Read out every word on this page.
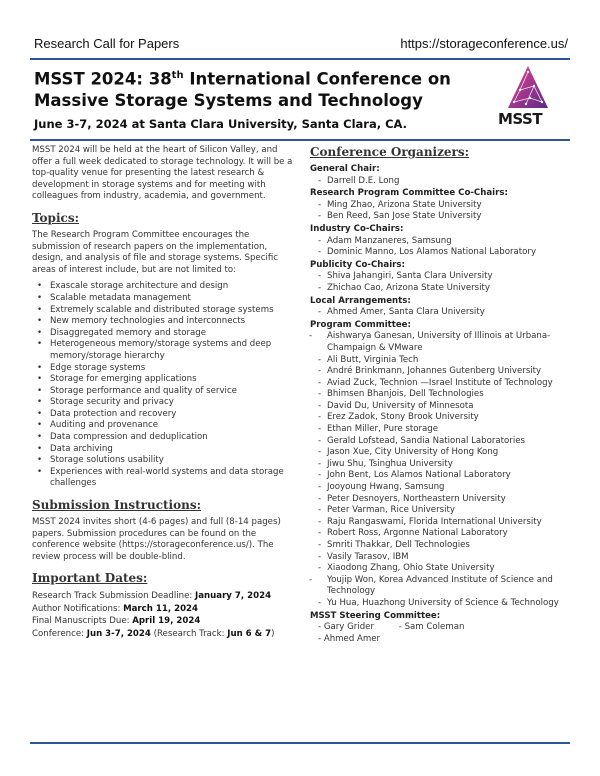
Research Call for Papers	https://storageconference.us/
MSST 2024: 38th International Conference on
Massive Storage Systems and Technology
June 3-7, 2024 at Santa Clara University, Santa Clara, CA.	MSST

MSST 2024 will be held at the heart of Silicon Valley, and offer a full week dedicated to storage technology. It will be a top-quality venue for presenting the latest research & development in storage systems and for meeting with colleagues from industry, academia, and government.

Topics:

The Research Program Committee encourages the submission of research papers on the implementation, design, and analysis of file and storage systems. Specific areas of interest include, but are not limited to:

• Exascale storage architecture and design
• Scalable metadata management
• Extremely scalable and distributed storage systems
• New memory technologies and interconnects
• Disaggregated memory and storage
• Heterogeneous memory/storage systems and deep memory/storage hierarchy
• Edge storage systems
• Storage for emerging applications
• Storage performance and quality of service
• Storage security and privacy
• Data protection and recovery
• Auditing and provenance
• Data compression and deduplication
• Data archiving
• Storage solutions usability
• Experiences with real-world systems and data storage challenges
Submission Instructions:

MSST 2024 invites short (4-6 pages) and full (8-14 pages) papers. Submission procedures can be found on the conference website (https://storageconference.us/). The review process will be double-blind.

Important Dates:
Research Track Submission Deadline: January 7, 2024
Author Notifications: March 11, 2024
Final Manuscripts Due: April 19, 2024
Conference: Jun 3-7, 2024 (Research Track: Jun 6 & 7)
Conference Organizers:
General Chair:
- Darrell D.E. Long
Research Program Committee Co-Chairs:
- Ming Zhao, Arizona State University
- Ben Reed, San Jose State University
Industry Co-Chairs:
- Adam Manzaneres, Samsung
- Dominic Manno, Los Alamos National Laboratory
Publicity Co-Chairs:
- Shiva Jahangiri, Santa Clara University
- Zhichao Cao, Arizona State University
Local Arrangements:
- Ahmed Amer, Santa Clara University
Program Committee:
- Aishwarya Ganesan, University of Illinois at Urbana-Champaign & VMware
- Ali Butt, Virginia Tech
- André Brinkmann, Johannes Gutenberg University
- Aviad Zuck, Technion —Israel Institute of Technology
- Bhimsen Bhanjois, Dell Technologies
- David Du, University of Minnesota
- Erez Zadok, Stony Brook University
- Ethan Miller, Pure storage
- Gerald Lofstead, Sandia National Laboratories
- Jason Xue, City University of Hong Kong
- Jiwu Shu, Tsinghua University
- John Bent, Los Alamos National Laboratory
- Jooyoung Hwang, Samsung
- Peter Desnoyers, Northeastern University
- Peter Varman, Rice University
- Raju Rangaswami, Florida International University
- Robert Ross, Argonne National Laboratory
- Smriti Thakkar, Dell Technologies
- Vasily Tarasov, IBM
- Xiaodong Zhang, Ohio State University
- Youjip Won, Korea Advanced Institute of Science and Technology
- Yu Hua, Huazhong University of Science & Technology
MSST Steering Committee:
- Gary Grider	- Sam Coleman - Ahmed Amer
